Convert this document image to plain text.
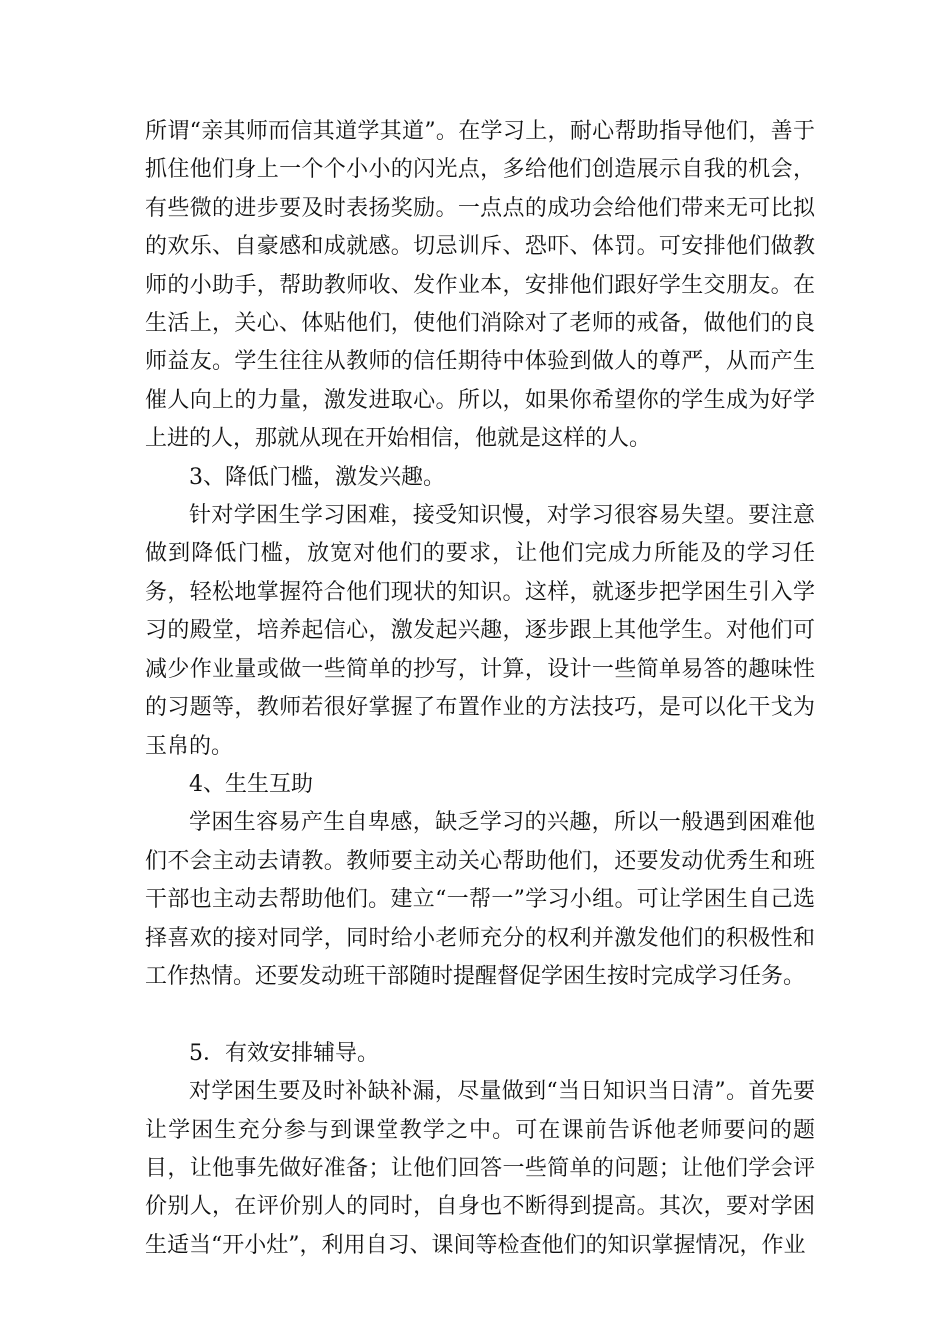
所谓“亲其师而信其道学其道”。在学习上，耐心帮助指导他们，善于抓住他们身上一个个小小的闪光点，多给他们创造展示自我的机会，有些微的进步要及时表扬奖励。一点点的成功会给他们带来无可比拟的欢乐、自豪感和成就感。切忌训斥、恐吓、体罚。可安排他们做教师的小助手，帮助教师收、发作业本，安排他们跟好学生交朋友。在生活上，关心、体贴他们，使他们消除对了老师的戒备，做他们的良师益友。学生往往从教师的信任期待中体验到做人的尊严，从而产生催人向上的力量，激发进取心。所以，如果你希望你的学生成为好学上进的人，那就从现在开始相信，他就是这样的人。

3、降低门槛，激发兴趣。

针对学困生学习困难，接受知识慢，对学习很容易失望。要注意做到降低门槛，放宽对他们的要求，让他们完成力所能及的学习任务，轻松地掌握符合他们现状的知识。这样，就逐步把学困生引入学习的殿堂，培养起信心，激发起兴趣，逐步跟上其他学生。对他们可减少作业量或做一些简单的抄写，计算，设计一些简单易答的趣味性的习题等，教师若很好掌握了布置作业的方法技巧，是可以化干戈为玉帛的。

4、生生互助

学困生容易产生自卑感，缺乏学习的兴趣，所以一般遇到困难他们不会主动去请教。教师要主动关心帮助他们，还要发动优秀生和班干部也主动去帮助他们。建立“一帮一”学习小组。可让学困生自己选择喜欢的接对同学，同时给小老师充分的权利并激发他们的积极性和工作热情。还要发动班干部随时提醒督促学困生按时完成学习任务。

5．有效安排辅导。

对学困生要及时补缺补漏，尽量做到“当日知识当日清”。首先要让学困生充分参与到课堂教学之中。可在课前告诉他老师要问的题目，让他事先做好准备；让他们回答一些简单的问题；让他们学会评价别人，在评价别人的同时，自身也不断得到提高。其次，要对学困生适当“开小灶”，利用自习、课间等检查他们的知识掌握情况，作业
